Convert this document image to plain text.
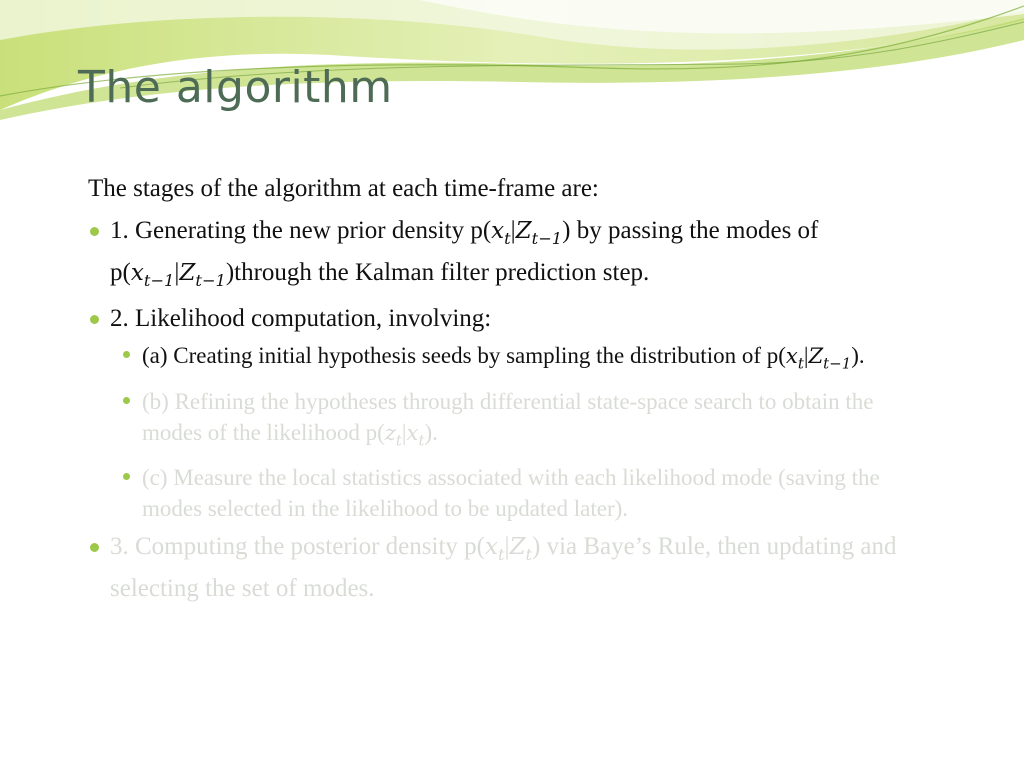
The algorithm
The stages of the algorithm at each time-frame are:
1. Generating the new prior density $p(x_t|Z_{t-1})$ by passing the modes of $p(x_{t-1}|Z_{t-1})through$ the Kalman filter prediction step.
2. Likelihood computation, involving:
(a) Creating initial hypothesis seeds by sampling the distribution of $p(x_t|Z_{t-1})$.
(b) Refining the hypotheses through differential state-space search to obtain the modes of the likelihood $p(z_t|x_t)$.
(c) Measure the local statistics associated with each likelihood mode (saving the modes selected in the likelihood to be updated later).
3. Computing the posterior density $p(x_t|Z_t)$ via Baye’s Rule, then updating and selecting the set of modes.
